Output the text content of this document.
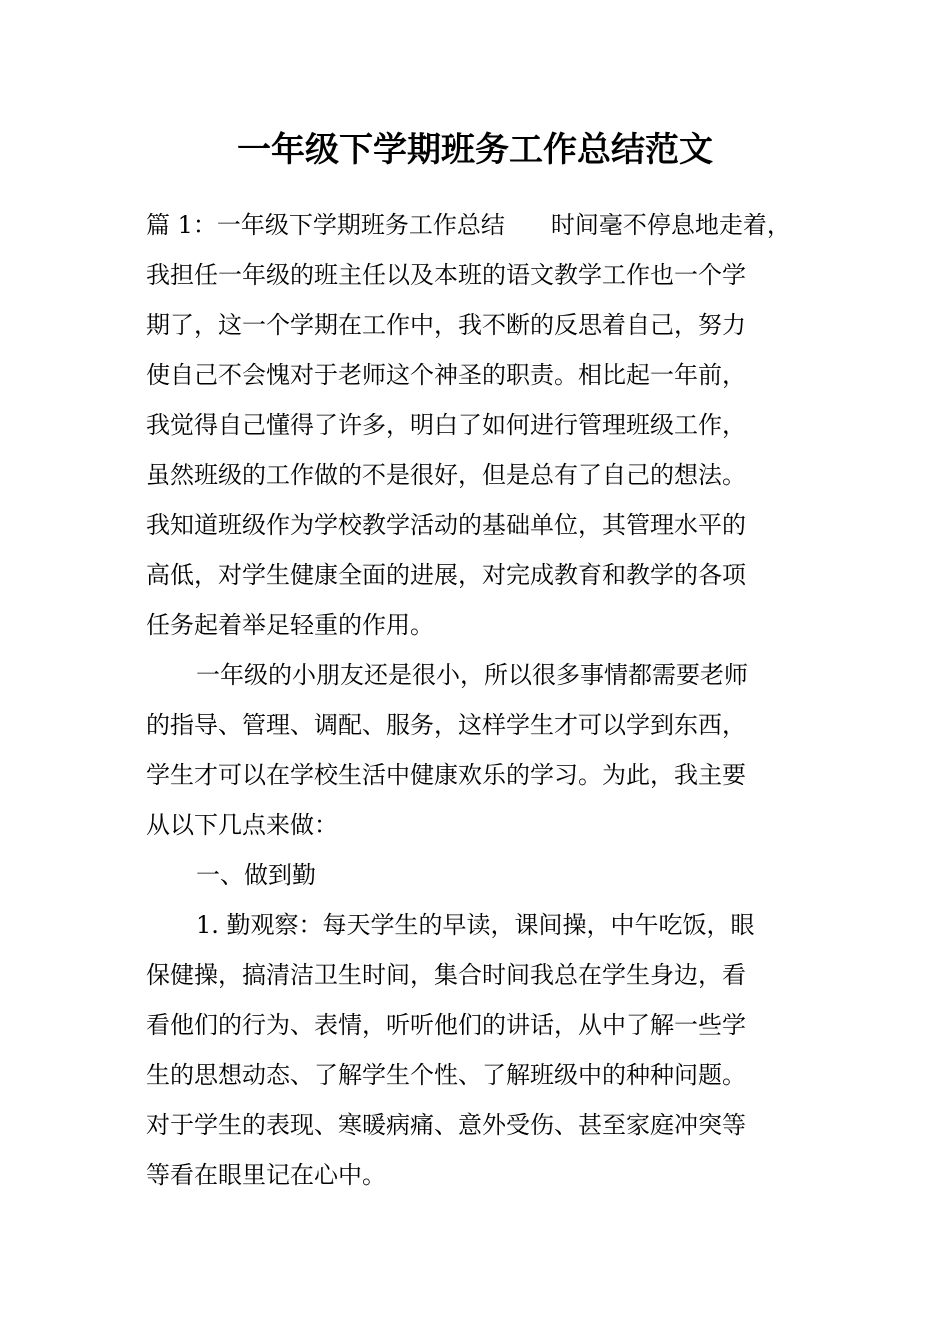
一年级下学期班务工作总结范文
篇 1：一年级下学期班务工作总结 时间毫不停息地走着，
我担任一年级的班主任以及本班的语文教学工作也一个学
期了，这一个学期在工作中，我不断的反思着自己，努力
使自己不会愧对于老师这个神圣的职责。相比起一年前，
我觉得自己懂得了许多，明白了如何进行管理班级工作，
虽然班级的工作做的不是很好，但是总有了自己的想法。
我知道班级作为学校教学活动的基础单位，其管理水平的
高低，对学生健康全面的进展，对完成教育和教学的各项
任务起着举足轻重的作用。
一年级的小朋友还是很小，所以很多事情都需要老师
的指导、管理、调配、服务，这样学生才可以学到东西，
学生才可以在学校生活中健康欢乐的学习。为此，我主要
从以下几点来做：
一、做到勤
1. 勤观察：每天学生的早读，课间操，中午吃饭，眼
保健操，搞清洁卫生时间，集合时间我总在学生身边，看
看他们的行为、表情，听听他们的讲话，从中了解一些学
生的思想动态、了解学生个性、了解班级中的种种问题。
对于学生的表现、寒暖病痛、意外受伤、甚至家庭冲突等
等看在眼里记在心中。
